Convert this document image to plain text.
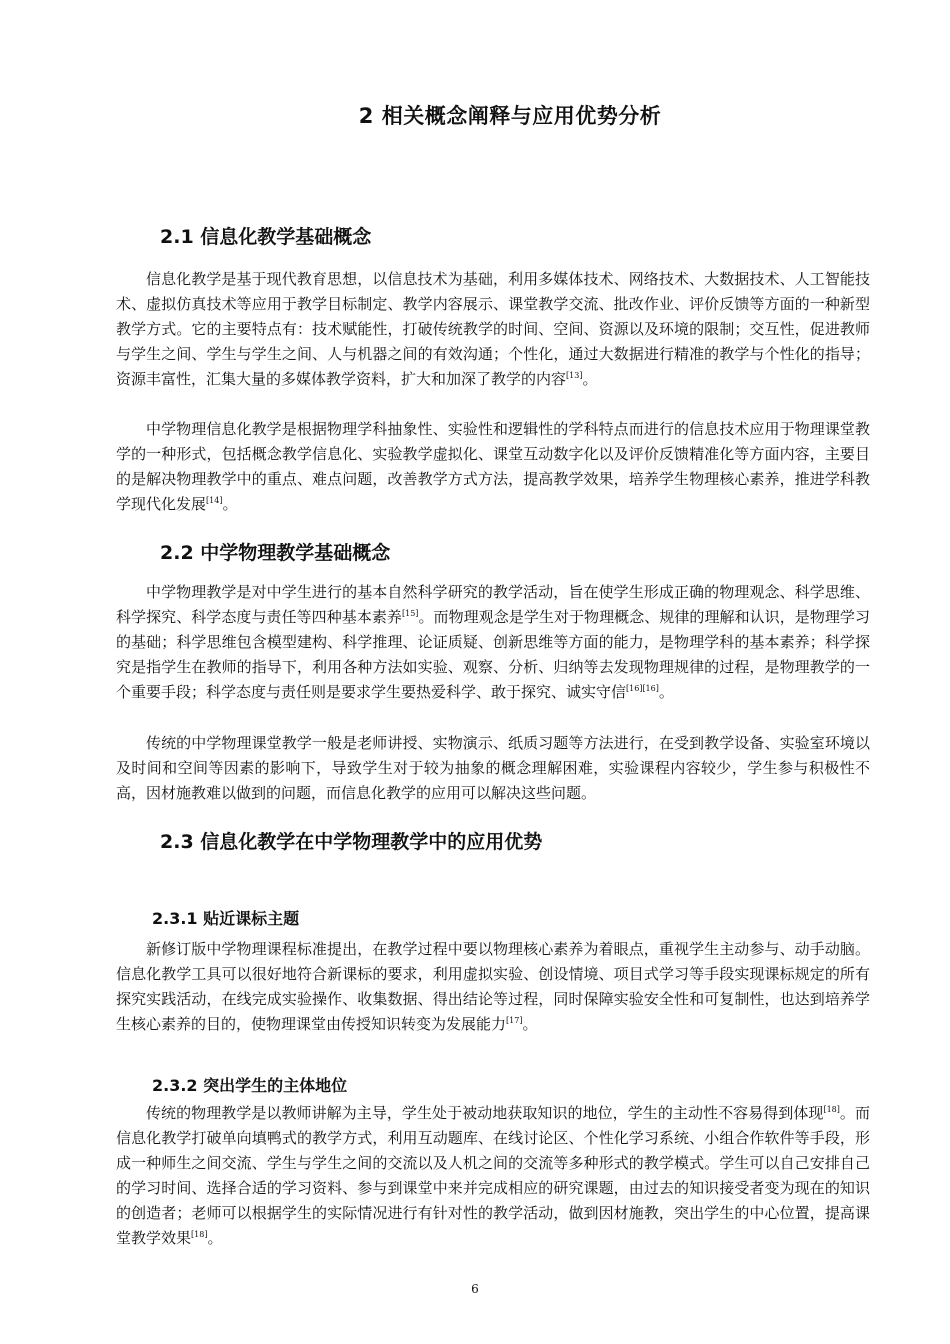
2 相关概念阐释与应用优势分析
2.1 信息化教学基础概念

信息化教学是基于现代教育思想，以信息技术为基础，利用多媒体技术、网络技术、大数据技术、人工智能技术、虚拟仿真技术等应用于教学目标制定、教学内容展示、课堂教学交流、批改作业、评价反馈等方面的一种新型教学方式。它的主要特点有：技术赋能性，打破传统教学的时间、空间、资源以及环境的限制；交互性，促进教师与学生之间、学生与学生之间、人与机器之间的有效沟通；个性化，通过大数据进行精准的教学与个性化的指导；资源丰富性，汇集大量的多媒体教学资料，扩大和加深了教学的内容[13]。

中学物理信息化教学是根据物理学科抽象性、实验性和逻辑性的学科特点而进行的信息技术应用于物理课堂教学的一种形式，包括概念教学信息化、实验教学虚拟化、课堂互动数字化以及评价反馈精准化等方面内容，主要目的是解决物理教学中的重点、难点问题，改善教学方式方法，提高教学效果，培养学生物理核心素养，推进学科教学现代化发展[14]。

2.2 中学物理教学基础概念

中学物理教学是对中学生进行的基本自然科学研究的教学活动，旨在使学生形成正确的物理观念、科学思维、科学探究、科学态度与责任等四种基本素养[15]。而物理观念是学生对于物理概念、规律的理解和认识，是物理学习的基础；科学思维包含模型建构、科学推理、论证质疑、创新思维等方面的能力，是物理学科的基本素养；科学探究是指学生在教师的指导下，利用各种方法如实验、观察、分析、归纳等去发现物理规律的过程，是物理教学的一个重要手段；科学态度与责任则是要求学生要热爱科学、敢于探究、诚实守信[16][16]。

传统的中学物理课堂教学一般是老师讲授、实物演示、纸质习题等方法进行，在受到教学设备、实验室环境以及时间和空间等因素的影响下，导致学生对于较为抽象的概念理解困难，实验课程内容较少，学生参与积极性不高，因材施教难以做到的问题，而信息化教学的应用可以解决这些问题。

2.3 信息化教学在中学物理教学中的应用优势
2.3.1 贴近课标主题

新修订版中学物理课程标准提出，在教学过程中要以物理核心素养为着眼点，重视学生主动参与、动手动脑。信息化教学工具可以很好地符合新课标的要求，利用虚拟实验、创设情境、项目式学习等手段实现课标规定的所有探究实践活动，在线完成实验操作、收集数据、得出结论等过程，同时保障实验安全性和可复制性，也达到培养学生核心素养的目的，使物理课堂由传授知识转变为发展能力[17]。

2.3.2 突出学生的主体地位

传统的物理教学是以教师讲解为主导，学生处于被动地获取知识的地位，学生的主动性不容易得到体现[18]。而信息化教学打破单向填鸭式的教学方式，利用互动题库、在线讨论区、个性化学习系统、小组合作软件等手段，形成一种师生之间交流、学生与学生之间的交流以及人机之间的交流等多种形式的教学模式。学生可以自己安排自己的学习时间、选择合适的学习资料、参与到课堂中来并完成相应的研究课题，由过去的知识接受者变为现在的知识的创造者；老师可以根据学生的实际情况进行有针对性的教学活动，做到因材施教，突出学生的中心位置，提高课堂教学效果[18]。

6
